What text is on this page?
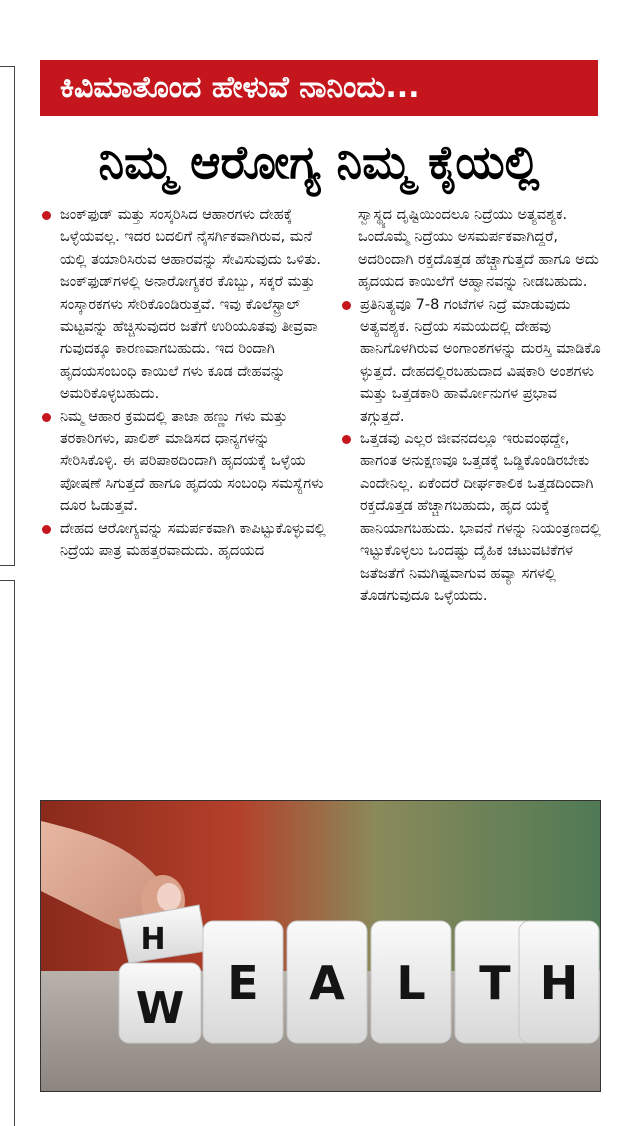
ಕಿವಿಮಾತೊಂದ ಹೇಳುವೆ ನಾನಿಂದು...
ನಿಮ್ಮ ಆರೋಗ್ಯ ನಿಮ್ಮ ಕೈಯಲ್ಲಿ

ಜಂಕ್‌ಫುಡ್ ಮತ್ತು ಸಂಸ್ಕರಿಸಿದ ಆಹಾರಗಳು ದೇಹಕ್ಕೆ ಒಳ್ಳೆಯವಲ್ಲ. ಇದರ ಬದಲಿಗೆ ನೈಸರ್ಗಿಕವಾಗಿರುವ, ಮನೆ ಯಲ್ಲಿ ತಯಾರಿಸಿರುವ ಆಹಾರವನ್ನು ಸೇವಿಸುವುದು ಒಳಿತು. ಜಂಕ್‌ಫುಡ್‌ಗಳಲ್ಲಿ ಅನಾರೋಗ್ಯಕರ ಕೊಬ್ಬು, ಸಕ್ಕರೆ ಮತ್ತು ಸಂಸ್ಕಾರಕಗಳು ಸೇರಿಕೊಂಡಿರುತ್ತವೆ. ಇವು ಕೊಲೆಸ್ಟ್ರಾಲ್ ಮಟ್ಟವನ್ನು ಹೆಚ್ಚಿಸುವುದರ ಜತೆಗೆ ಉರಿಯೂತವು ತೀವ್ರವಾ ಗುವುದಕ್ಕೂ ಕಾರಣವಾಗಬಹುದು. ಇದ ರಿಂದಾಗಿ ಹೃದಯಸಂಬಂಧಿ ಕಾಯಿಲೆ ಗಳು ಕೂಡ ದೇಹವನ್ನು ಅಮರಿಕೊಳ್ಳಬಹುದು.

ನಿಮ್ಮ ಆಹಾರ ಕ್ರಮದಲ್ಲಿ ತಾಜಾ ಹಣ್ಣು ಗಳು ಮತ್ತು ತರಕಾರಿಗಳು, ಪಾಲಿಶ್ ಮಾಡಿಸದ ಧಾನ್ಯಗಳನ್ನು ಸೇರಿಸಿಕೊಳ್ಳಿ. ಈ ಪರಿಪಾಠದಿಂದಾಗಿ ಹೃದಯಕ್ಕೆ ಒಳ್ಳೆಯ ಪೋಷಣೆ ಸಿಗುತ್ತದೆ ಹಾಗೂ ಹೃದಯ ಸಂಬಂಧಿ ಸಮಸ್ಯೆಗಳು ದೂರ ಓಡುತ್ತವೆ.

ದೇಹದ ಆರೋಗ್ಯವನ್ನು ಸಮರ್ಪಕವಾಗಿ ಕಾಪಿಟ್ಟುಕೊಳ್ಳುವಲ್ಲಿ ನಿದ್ರೆಯ ಪಾತ್ರ ಮಹತ್ತರವಾದುದು. ಹೃದಯದ

ಸ್ವಾಸ್ಥ್ಯದ ದೃಷ್ಟಿಯಿಂದಲೂ ನಿದ್ರೆಯು ಅತ್ಯವಶ್ಯಕ. ಒಂದೊಮ್ಮೆ ನಿದ್ರೆಯು ಅಸಮರ್ಪಕವಾಗಿದ್ದರೆ, ಅದರಿಂದಾಗಿ ರಕ್ತದೊತ್ತಡ ಹೆಚ್ಚಾಗುತ್ತದೆ ಹಾಗೂ ಅದು ಹೃದಯದ ಕಾಯಿಲೆಗೆ ಆಹ್ವಾನವನ್ನು ನೀಡಬಹುದು.

ಪ್ರತಿನಿತ್ಯವೂ 7-8 ಗಂಟೆಗಳ ನಿದ್ರೆ ಮಾಡುವುದು ಅತ್ಯವಶ್ಯಕ. ನಿದ್ರೆಯ ಸಮಯದಲ್ಲಿ ದೇಹವು ಹಾನಿಗೊಳಗಿರುವ ಅಂಗಾಂಶಗಳನ್ನು ದುರಸ್ತಿ ಮಾಡಿಕೊ ಳ್ಳುತ್ತದೆ. ದೇಹದಲ್ಲಿರಬಹುದಾದ ವಿಷಕಾರಿ ಅಂಶಗಳು ಮತ್ತು ಒತ್ತಡಕಾರಿ ಹಾರ್ಮೋನುಗಳ ಪ್ರಭಾವ ತಗ್ಗುತ್ತದೆ.

ಒತ್ತಡವು ಎಲ್ಲರ ಜೀವನದಲ್ಲೂ ಇರುವಂಥದ್ದೇ, ಹಾಗಂತ ಅನುಕ್ಷಣವೂ ಒತ್ತಡಕ್ಕೆ ಒಡ್ಡಿಕೊಂಡಿರಬೇಕು ಎಂದೇನಿಲ್ಲ. ಏಕೆಂದರೆ ದೀರ್ಘಕಾಲಿಕ ಒತ್ತಡದಿಂದಾಗಿ ರಕ್ತದೊತ್ತಡ ಹೆಚ್ಚಾಗಬಹುದು, ಹೃದ ಯಕ್ಕೆ ಹಾನಿಯಾಗಬಹುದು. ಭಾವನೆ ಗಳನ್ನು ನಿಯಂತ್ರಣದಲ್ಲಿ ಇಟ್ಟುಕೊಳ್ಳಲು ಒಂದಷ್ಟು ದೈಹಿಕ ಚಟುವಟಿಕೆಗಳ ಜತೆಜತೆಗೆ ನಿಮಗಿಷ್ಟವಾಗುವ ಹವ್ಯಾ ಸಗಳಲ್ಲಿ ತೊಡಗುವುದೂ ಒಳ್ಳೆಯದು.

H
W E A L T H
